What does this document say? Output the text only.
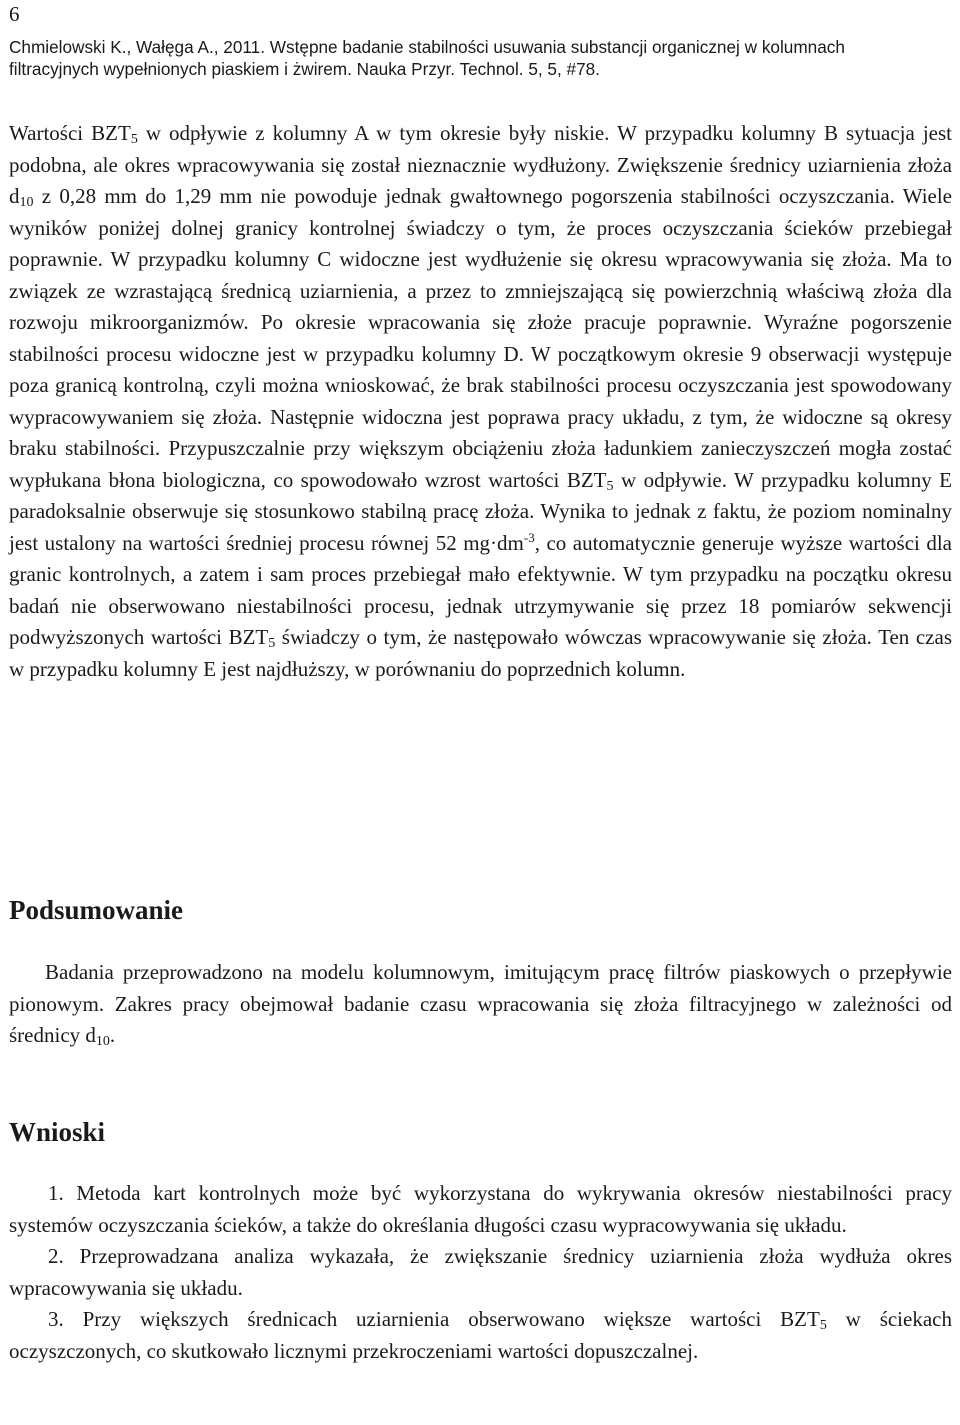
6
Chmielowski K., Wałęga A., 2011. Wstępne badanie stabilności usuwania substancji organicznej w kolumnach
filtracyjnych wypełnionych piaskiem i żwirem. Nauka Przyr. Technol. 5, 5, #78.

Wartości $BZT_5$ w odpływie z kolumny A w tym okresie były niskie. W przypadku kolumny B sytuacja jest podobna, ale okres wpracowywania się został nieznacznie wydłużony. Zwiększenie średnicy uziarnienia złoża $d_{10}$ z 0,28 mm do 1,29 mm nie powoduje jednak gwałtownego pogorszenia stabilności oczyszczania. Wiele wyników poniżej dolnej granicy kontrolnej świadczy o tym, że proces oczyszczania ścieków przebiegał poprawnie. W przypadku kolumny C widoczne jest wydłużenie się okresu wpracowywania się złoża. Ma to związek ze wzrastającą średnicą uziarnienia, a przez to zmniejszającą się powierzchnią właściwą złoża dla rozwoju mikroorganizmów. Po okresie wpracowania się złoże pracuje poprawnie. Wyraźne pogorszenie stabilności procesu widoczne jest w przypadku kolumny D. W początkowym okresie 9 obserwacji występuje poza granicą kontrolną, czyli można wnioskować, że brak stabilności procesu oczyszczania jest spowodowany wypracowywaniem się złoża. Następnie widoczna jest poprawa pracy układu, z tym, że widoczne są okresy braku stabilności. Przypuszczalnie przy większym obciążeniu złoża ładunkiem zanieczyszczeń mogła zostać wypłukana błona biologiczna, co spowodowało wzrost wartości $BZT_5$ w odpływie. W przypadku kolumny E paradoksalnie obserwuje się stosunkowo stabilną pracę złoża. Wynika to jednak z faktu, że poziom nominalny jest ustalony na wartości średniej procesu równej 52 $mg\cdot dm^{-3}$, co automatycznie generuje wyższe wartości dla granic kontrolnych, a zatem i sam proces przebiegał mało efektywnie. W tym przypadku na początku okresu badań nie obserwowano niestabilności procesu, jednak utrzymywanie się przez 18 pomiarów sekwencji podwyższonych wartości $BZT_5$ świadczy o tym, że następowało wówczas wpracowywanie się złoża. Ten czas w przypadku kolumny E jest najdłuższy, w porównaniu do poprzednich kolumn.

Podsumowanie

Badania przeprowadzono na modelu kolumnowym, imitującym pracę filtrów piaskowych o przepływie pionowym. Zakres pracy obejmował badanie czasu wpracowania się złoża filtracyjnego w zależności od średnicy $d_{10}$.

Wnioski
1. Metoda kart kontrolnych może być wykorzystana do wykrywania okresów niestabilności pracy systemów oczyszczania ścieków, a także do określania długości czasu wypracowywania się układu.
2. Przeprowadzana analiza wykazała, że zwiększanie średnicy uziarnienia złoża wydłuża okres wpracowywania się układu.
3. Przy większych średnicach uziarnienia obserwowano większe wartości $BZT_5$ w ściekach oczyszczonych, co skutkowało licznymi przekroczeniami wartości dopuszczalnej.
